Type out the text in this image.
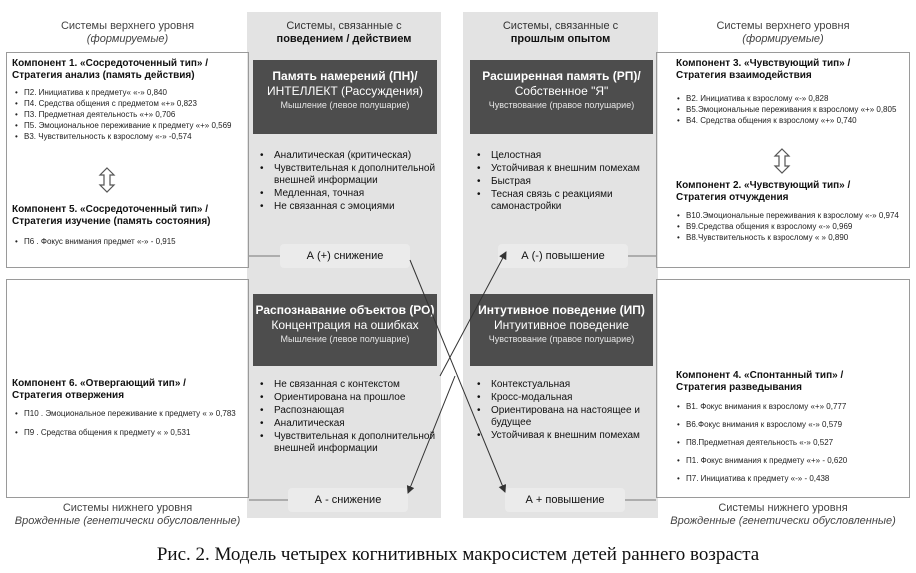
Системы верхнего уровня
(формируемые)
Системы верхнего уровня
(формируемые)
Системы, связанные с
поведением / действием
Системы, связанные с
прошлым опытом
Системы нижнего уровня
Врожденные (генетически обусловленные)
Системы нижнего уровня
Врожденные (генетически обусловленные)
Память намерений (ПН)/
ИНТЕЛЛЕКТ (Рассуждения)
Мышление (левое полушарие)
Расширенная память (РП)/
Собственное "Я"
Чувствование (правое полушарие)
Распознавание объектов (РО)
Концентрация на ошибках
Мышление (левое полушарие)
Интутивное поведение (ИП)
Интуитивное поведение
Чувствование (правое полушарие)
• Аналитическая (критическая)
• Чувствительная к дополнительной внешней информации
• Медленная, точная
• Не связанная с эмоциями
• Целостная
• Устойчивая к внешним помехам
• Быстрая
• Тесная связь с реакциями самонастройки
• Не связанная с контекстом
• Ориентирована на прошлое
• Распознающая
• Аналитическая
• Чувствительная к дополнительной внешней информации
• Контекстуальная
• Кросс-модальная
• Ориентирована на настоящее и будущее
• Устойчивая к внешним помехам
А (+) снижение	А (-) повышение
А - снижение	А + повышение
Компонент 1. «Сосредоточенный тип» /
Стратегия анализ (память действия)
• П2. Инициатива к предмету« «-» 0,840
• П4. Средства общения с предметом «+» 0,823
• П3. Предметная деятельность «+» 0,706
• П5. Эмоциональное переживание к предмету «+» 0,569
• В3. Чувствительность к взрослому «-» -0,574
Компонент 5. «Сосредоточенный тип» /
Стратегия изучение (память состояния)
• П6 . Фокус внимания предмет «-» - 0,915
Компонент 6. «Отвергающий тип» /
Стратегия отвержения
• П10 . Эмоциональное переживание к предмету « » 0,783
• П9 . Средства общения к предмету « » 0,531
Компонент 3. «Чувствующий тип» /
Стратегия взаимодействия
• В2. Инициатива к взрослому «-» 0,828
• В5.Эмоциональные переживания к взрослому «+» 0,805
• В4. Средства общения к взрослому «+» 0,740
Компонент 2. «Чувствующий тип» /
Стратегия отчуждения
• В10.Эмоциональные переживания к взрослому «-» 0,974
• В9.Средства общения к взрослому «-» 0,969
• В8.Чувствительность к взрослому « » 0,890
Компонент 4. «Спонтанный тип» /
Стратегия разведывания
• В1. Фокус внимания к взрослому «+» 0,777
• В6.Фокус внимания к взрослому «-» 0,579
• П8.Предметная деятельность «-» 0,527
• П1. Фокус внимания к предмету «+» - 0,620
• П7. Инициатива к предмету «-» - 0,438
Рис. 2. Модель четырех когнитивных макросистем детей раннего возраста
